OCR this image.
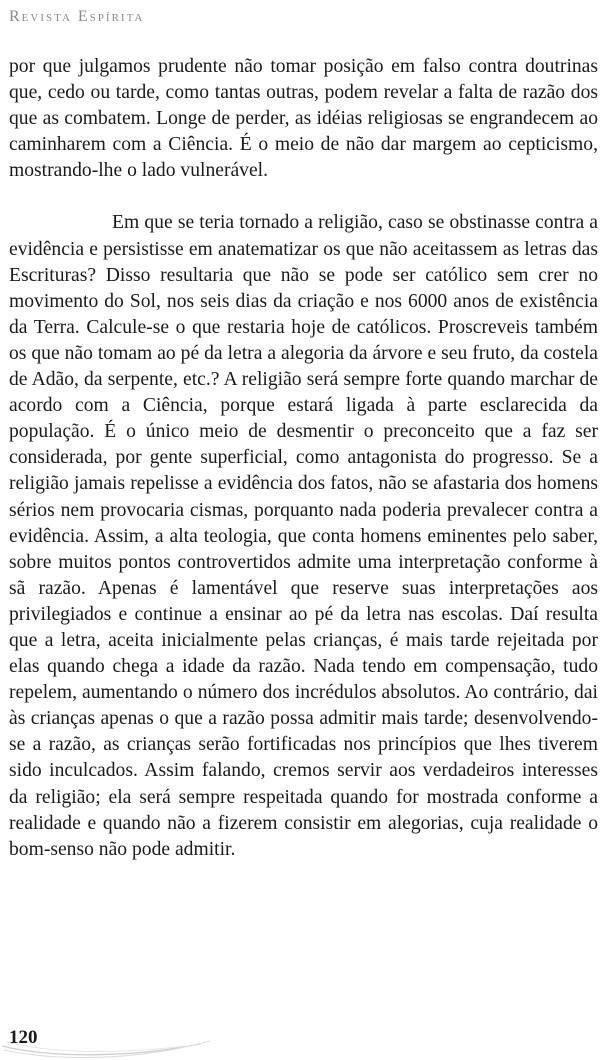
Revista Espírita

por que julgamos prudente não tomar posição em falso contra doutrinas que, cedo ou tarde, como tantas outras, podem revelar a falta de razão dos que as combatem. Longe de perder, as idéias religiosas se engrandecem ao caminharem com a Ciência. É o meio de não dar margem ao cepticismo, mostrando-lhe o lado vulnerável.

Em que se teria tornado a religião, caso se obstinasse contra a evidência e persistisse em anatematizar os que não aceitassem as letras das Escrituras? Disso resultaria que não se pode ser católico sem crer no movimento do Sol, nos seis dias da criação e nos 6000 anos de existência da Terra. Calcule-se o que restaria hoje de católicos. Proscreveis também os que não tomam ao pé da letra a alegoria da árvore e seu fruto, da costela de Adão, da serpente, etc.? A religião será sempre forte quando marchar de acordo com a Ciência, porque estará ligada à parte esclarecida da população. É o único meio de desmentir o preconceito que a faz ser considerada, por gente superficial, como antagonista do progresso. Se a religião jamais repelisse a evidência dos fatos, não se afastaria dos homens sérios nem provocaria cismas, porquanto nada poderia prevalecer contra a evidência. Assim, a alta teologia, que conta homens eminentes pelo saber, sobre muitos pontos controvertidos admite uma interpretação conforme à sã razão. Apenas é lamentável que reserve suas interpretações aos privilegiados e continue a ensinar ao pé da letra nas escolas. Daí resulta que a letra, aceita inicialmente pelas crianças, é mais tarde rejeitada por elas quando chega a idade da razão. Nada tendo em compensação, tudo repelem, aumentando o número dos incrédulos absolutos. Ao contrário, dai às crianças apenas o que a razão possa admitir mais tarde; desenvolvendo-se a razão, as crianças serão fortificadas nos princípios que lhes tiverem sido inculcados. Assim falando, cremos servir aos verdadeiros interesses da religião; ela será sempre respeitada quando for mostrada conforme a realidade e quando não a fizerem consistir em alegorias, cuja realidade o bom-senso não pode admitir.

120
